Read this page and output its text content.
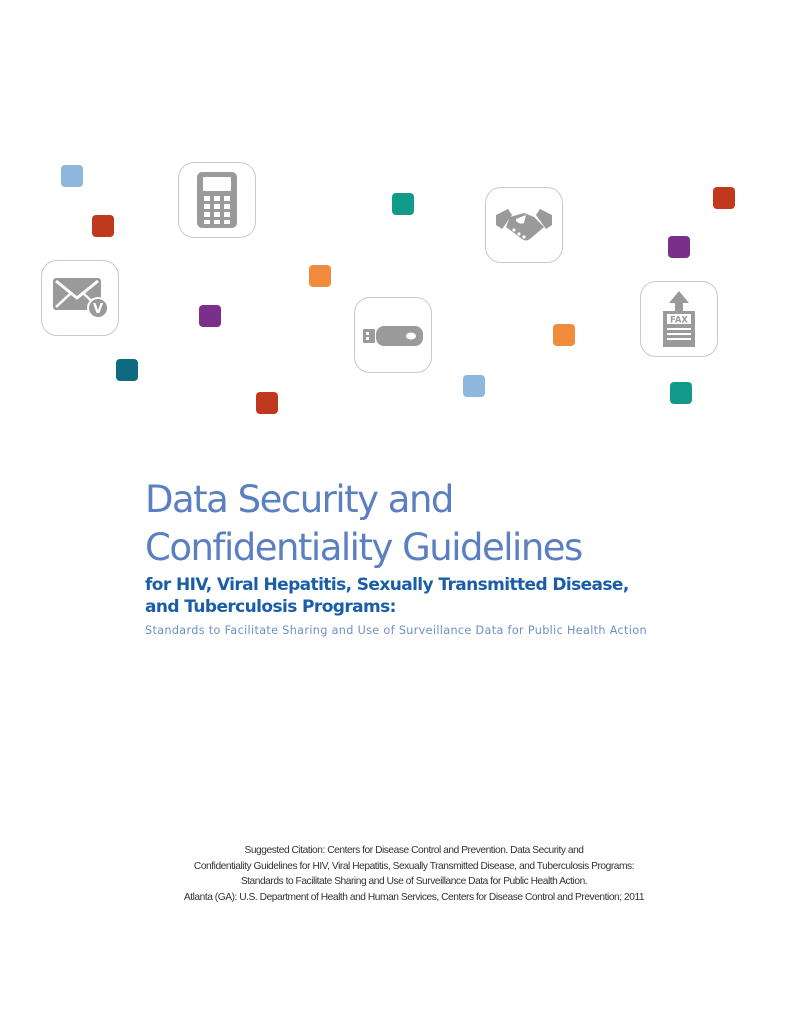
V
FAX
Data Security and
Confidentiality Guidelines
for HIV, Viral Hepatitis, Sexually Transmitted Disease,
and Tuberculosis Programs:

Standards to Facilitate Sharing and Use of Surveillance Data for Public Health Action

Suggested Citation: Centers for Disease Control and Prevention. Data Security and
Confidentiality Guidelines for HIV, Viral Hepatitis, Sexually Transmitted Disease, and Tuberculosis Programs:
Standards to Facilitate Sharing and Use of Surveillance Data for Public Health Action.
Atlanta (GA): U.S. Department of Health and Human Services, Centers for Disease Control and Prevention; 2011
